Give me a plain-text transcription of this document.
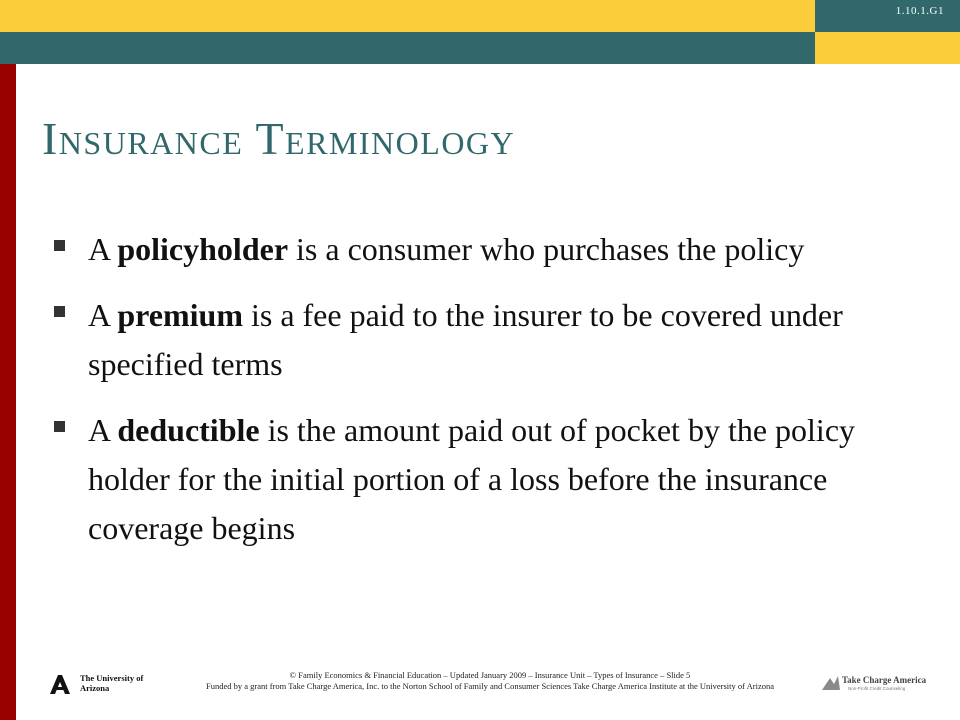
1.10.1.G1
Insurance Terminology
A policyholder is a consumer who purchases the policy
A premium is a fee paid to the insurer to be covered under specified terms
A deductible is the amount paid out of pocket by the policy holder for the initial portion of a loss before the insurance coverage begins
The University of Arizona
© Family Economics & Financial Education – Updated January 2009 – Insurance Unit – Types of Insurance – Slide 5
Funded by a grant from Take Charge America, Inc. to the Norton School of Family and Consumer Sciences Take Charge America Institute at the University of Arizona
Take Charge America
Non-Profit Credit Counseling
